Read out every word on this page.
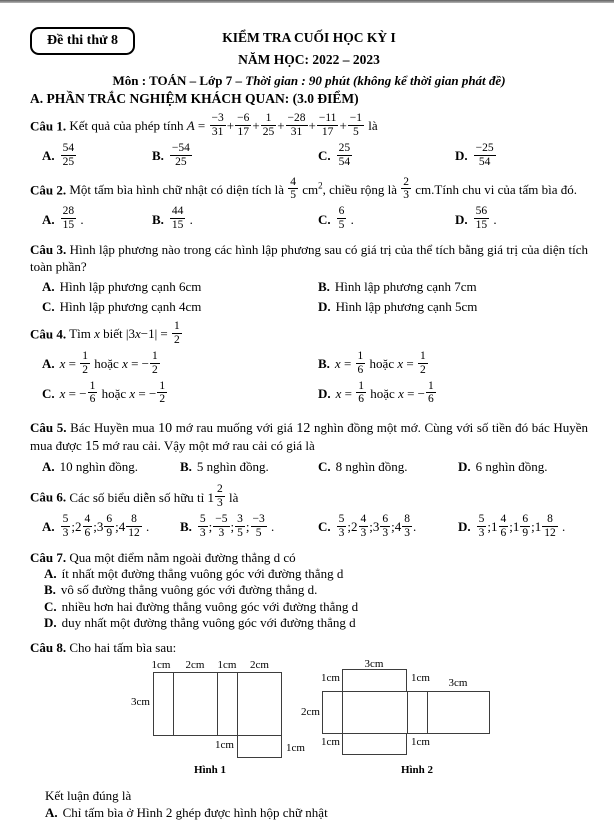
Đề thi thử 8	KIỂM TRA CUỐI HỌC KỲ I
NĂM HỌC: 2022 – 2023
Môn : TOÁN – Lớp 7 – Thời gian : 90 phút (không kể thời gian phát đề)
A. PHẦN TRẮC NGHIỆM KHÁCH QUAN: (3.0 ĐIỂM)
Câu 1. Kết quả của phép tính $A = \frac{-3}{31} + \frac{-6}{17} + \frac{1}{25} + \frac{-28}{31} + \frac{-11}{17} + \frac{-1}{5}$ là
A. $\frac{54}{25}$	B. $\frac{-54}{25}$	C. $\frac{25}{54}$	D. $\frac{-25}{54}$
Câu 2. Một tấm bìa hình chữ nhật có diện tích là $\frac{4}{5} cm^2$, chiều rộng là $\frac{2}{3}$ cm.Tính chu vi của tấm bìa đó.
A. $\frac{28}{15}$ .	B. $\frac{44}{15}$ .	C. $\frac{6}{5}$ .	D. $\frac{56}{15}$ .
Câu 3. Hình lập phương nào trong các hình lập phương sau có giá trị của thể tích bằng giá trị của diện tích toàn phần?
A. Hình lập phương cạnh 6cm	B. Hình lập phương cạnh 7cm
C. Hình lập phương cạnh 4cm	D. Hình lập phương cạnh 5cm
Câu 4. Tìm x biết $|3x-1| = \frac{1}{2}$
A. $x = \frac{1}{2}$ hoặc x = − $\frac{1}{2}$	B. $x = \frac{1}{6}$ hoặc $x = \frac{1}{2}$
C. x = − $\frac{1}{6}$ hoặc x = − $\frac{1}{2}$	D. $x = \frac{1}{6}$ hoặc x = − $\frac{1}{6}$
Câu 5. Bác Huyền mua 10 mớ rau muống với giá 12 nghìn đồng một mớ. Cùng với số tiền đó bác Huyền mua được 15 mớ rau cải. Vậy một mớ rau cải có giá là
A. 10 nghìn đồng.	B. 5 nghìn đồng.	C. 8 nghìn đồng.	D. 6 nghìn đồng.
Câu 6. Các số biểu diễn số hữu tỉ $1 \frac{2}{3}$ là
A. $\frac{5}{3}$ ;2 $\frac{4}{6}$ ;3 $\frac{6}{9}$ ;4 $\frac{8}{12}$ .	B. $\frac{5}{3}$ ; $\frac{-5}{3}$ ; $\frac{3}{5}$ ; $\frac{-3}{5}$ .	C. $\frac{5}{3}$ ;2 $\frac{4}{3}$ ;3 $\frac{6}{3}$ ;4 $\frac{8}{3}$ .	D. $\frac{5}{3}$ ;1 $\frac{4}{6}$ ;1 $\frac{6}{9}$ ;1 $\frac{8}{12}$ .
Câu 7. Qua một điểm nằm ngoài đường thẳng d có
A. ít nhất một đường thẳng vuông góc với đường thẳng d
B. vô số đường thẳng vuông góc với đường thẳng d.
C. nhiều hơn hai đường thẳng vuông góc với đường thẳng d
D. duy nhất một đường thẳng vuông góc với đường thẳng d
Câu 8. Cho hai tấm bìa sau:
1cm	2cm	1cm	2cm
3cm
1cm	1cm
Hình 1
3cm
1cm	1cm	3cm
2cm
1cm	1cm
Hình 2
Kết luận đúng là
A. Chỉ tấm bìa ở Hình 2 ghép được hình hộp chữ nhật
